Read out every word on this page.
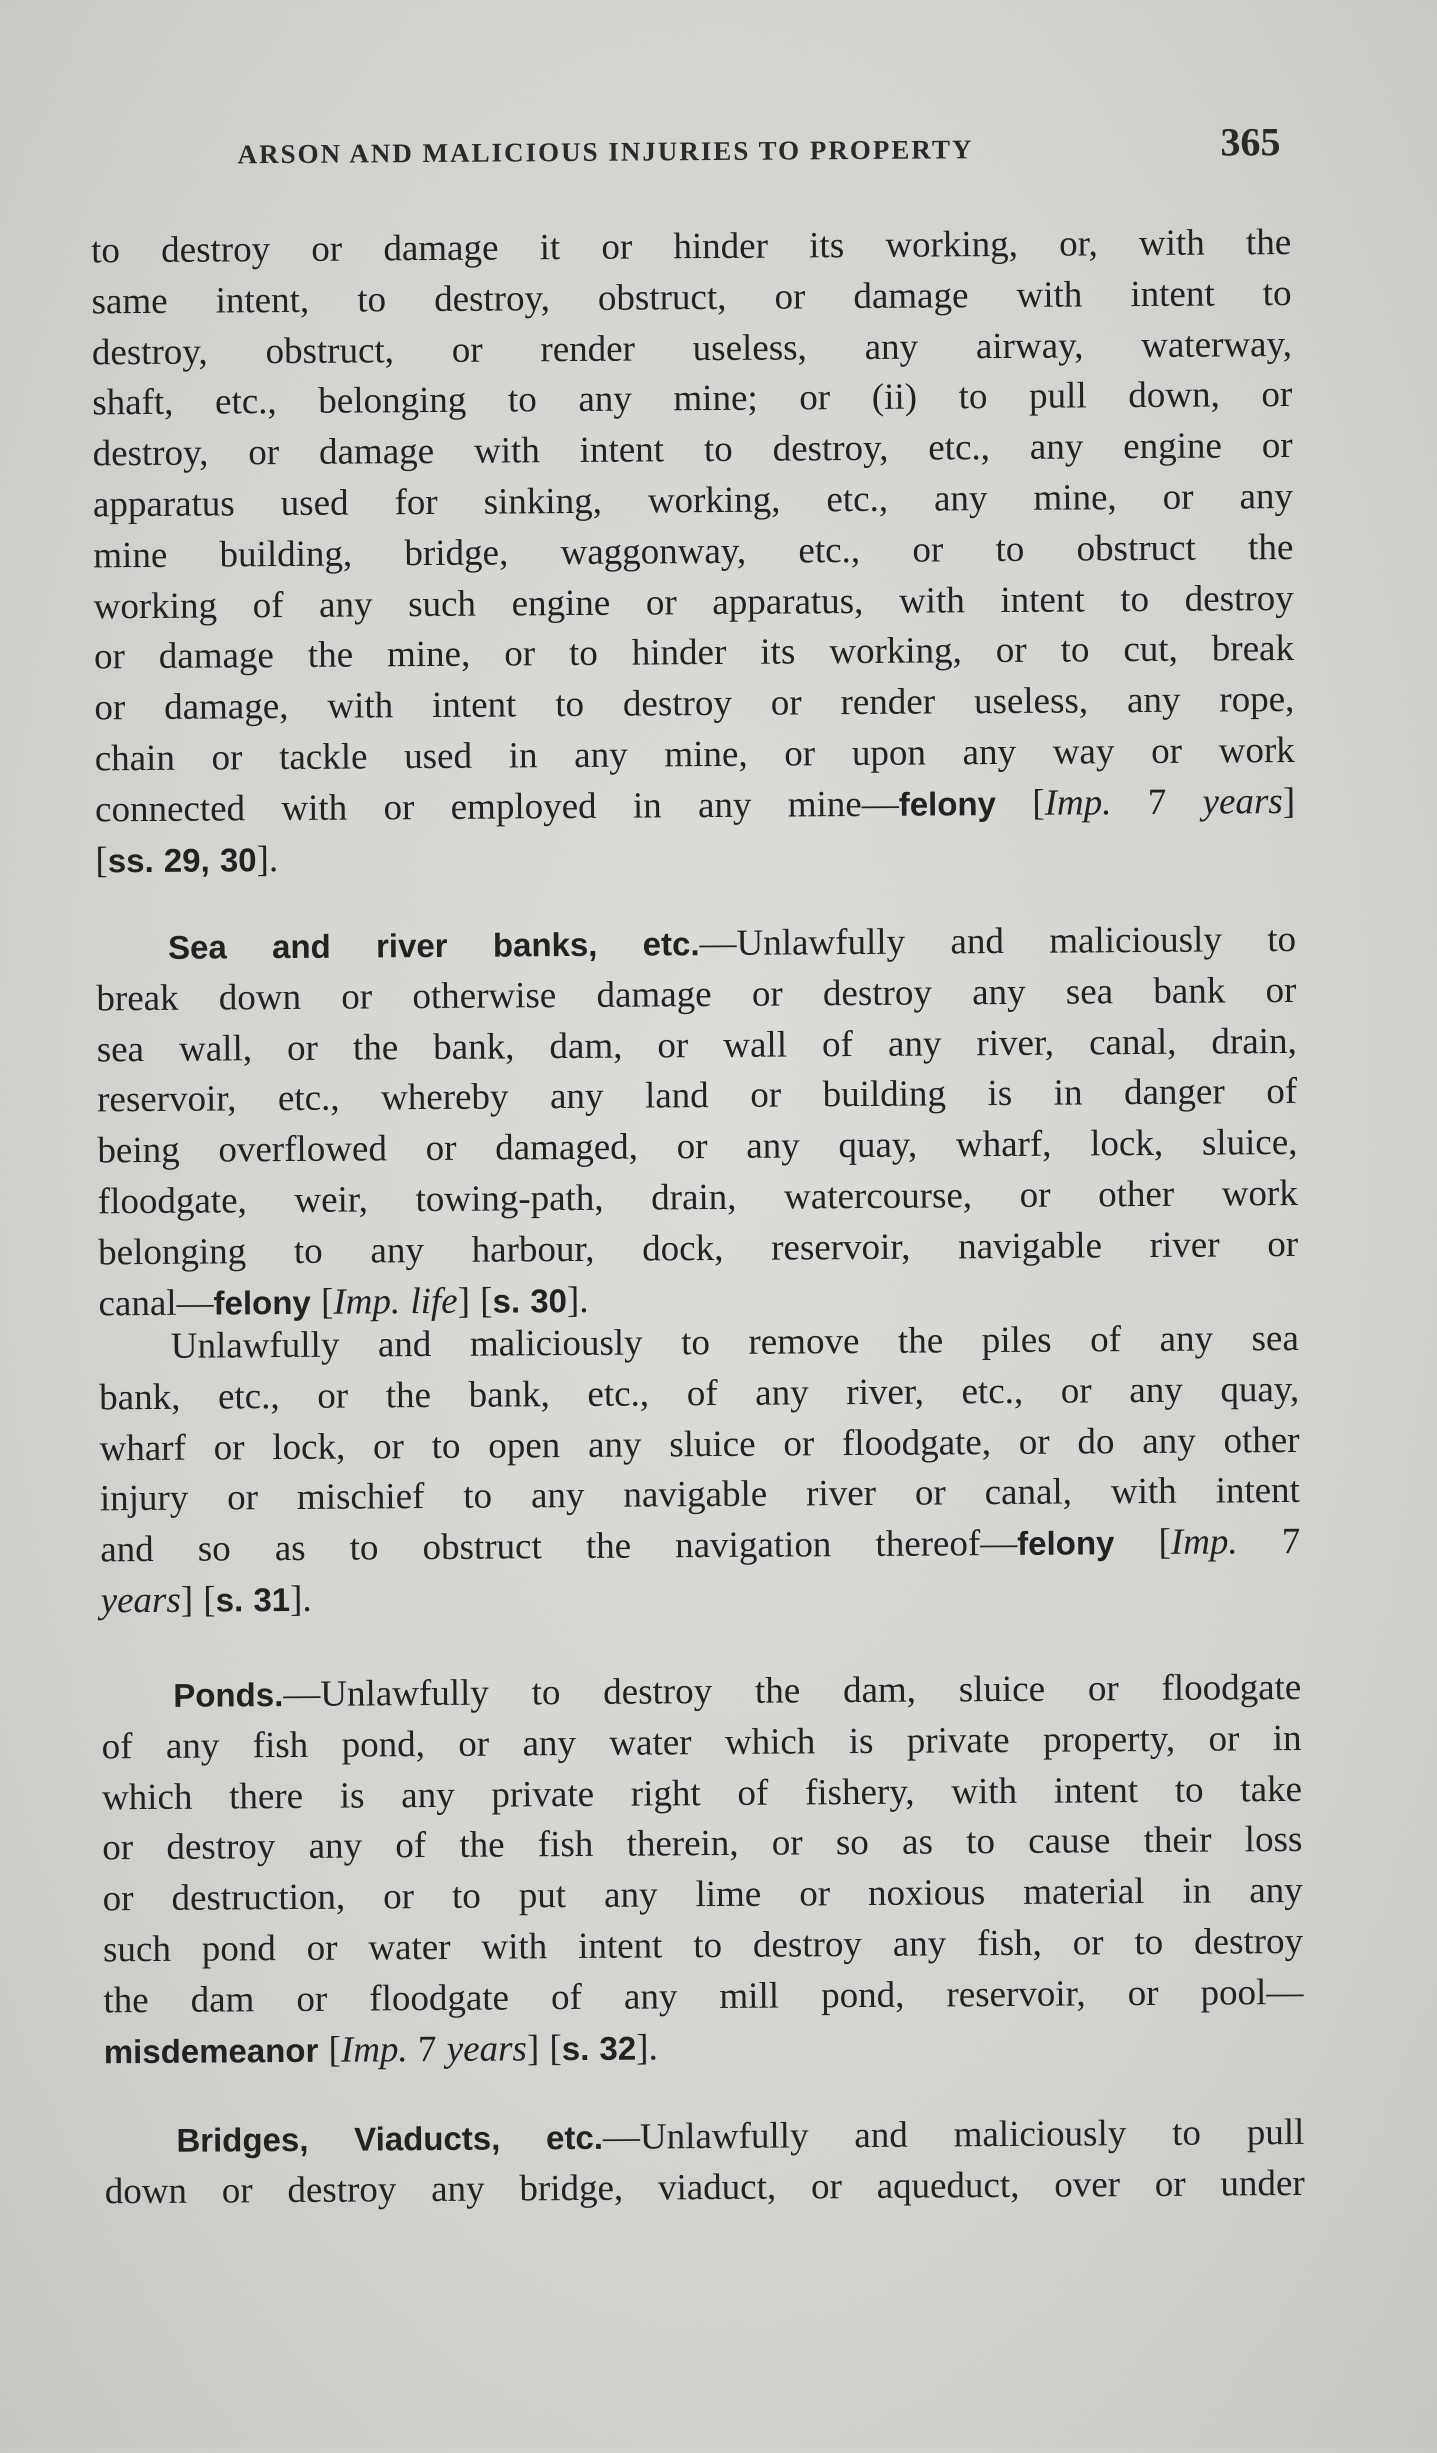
ARSON AND MALICIOUS INJURIES TO PROPERTY	365
to destroy or damage it or hinder its working, or, with the
same intent, to destroy, obstruct, or damage with intent to
destroy, obstruct, or render useless, any airway, waterway,
shaft, etc., belonging to any mine; or (ii) to pull down, or
destroy, or damage with intent to destroy, etc., any engine or
apparatus used for sinking, working, etc., any mine, or any
mine building, bridge, waggonway, etc., or to obstruct the
working of any such engine or apparatus, with intent to destroy
or damage the mine, or to hinder its working, or to cut, break
or damage, with intent to destroy or render useless, any rope,
chain or tackle used in any mine, or upon any way or work
connected with or employed in any mine—felony [Imp. 7 years]
[ss. 29, 30].
Sea and river banks, etc.—Unlawfully and maliciously to
break down or otherwise damage or destroy any sea bank or
sea wall, or the bank, dam, or wall of any river, canal, drain,
reservoir, etc., whereby any land or building is in danger of
being overflowed or damaged, or any quay, wharf, lock, sluice,
floodgate, weir, towing-path, drain, watercourse, or other work
belonging to any harbour, dock, reservoir, navigable river or
canal—felony [Imp. life] [s. 30].
Unlawfully and maliciously to remove the piles of any sea
bank, etc., or the bank, etc., of any river, etc., or any quay,
wharf or lock, or to open any sluice or floodgate, or do any other
injury or mischief to any navigable river or canal, with intent
and so as to obstruct the navigation thereof—felony [Imp. 7
years] [s. 31].
Ponds.—Unlawfully to destroy the dam, sluice or floodgate
of any fish pond, or any water which is private property, or in
which there is any private right of fishery, with intent to take
or destroy any of the fish therein, or so as to cause their loss
or destruction, or to put any lime or noxious material in any
such pond or water with intent to destroy any fish, or to destroy
the dam or floodgate of any mill pond, reservoir, or pool—
misdemeanor [Imp. 7 years] [s. 32].
Bridges, Viaducts, etc.—Unlawfully and maliciously to pull
down or destroy any bridge, viaduct, or aqueduct, over or under
